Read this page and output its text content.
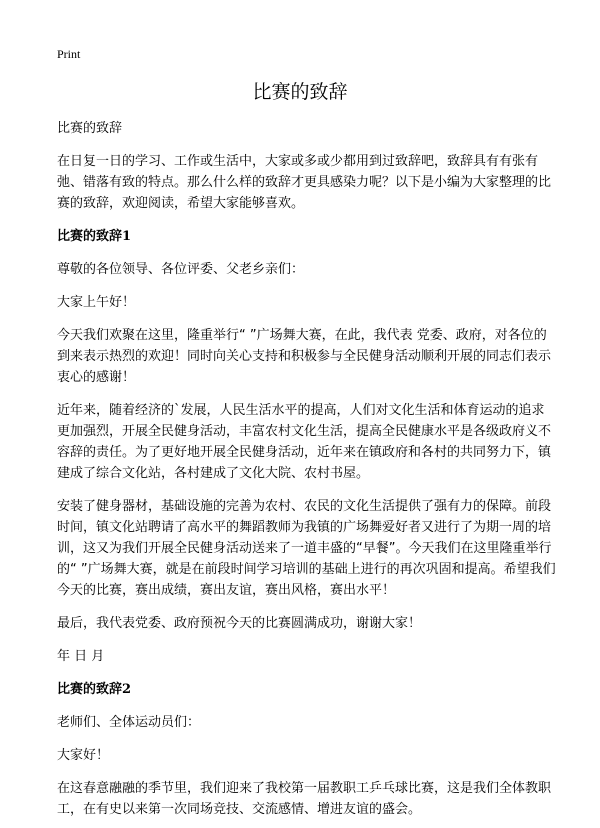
Print
比赛的致辞

比赛的致辞

在日复一日的学习、工作或生活中，大家或多或少都用到过致辞吧，致辞具有有张有弛、错落有致的特点。那么什么样的致辞才更具感染力呢？以下是小编为大家整理的比赛的致辞，欢迎阅读，希望大家能够喜欢。

比赛的致辞1

尊敬的各位领导、各位评委、父老乡亲们：

大家上午好！

今天我们欢聚在这里，隆重举行“ ”广场舞大赛，在此，我代表 党委、政府，对各位的到来表示热烈的欢迎！同时向关心支持和积极参与全民健身活动顺利开展的同志们表示衷心的感谢！

近年来，随着经济的`发展，人民生活水平的提高，人们对文化生活和体育运动的追求更加强烈，开展全民健身活动，丰富农村文化生活，提高全民健康水平是各级政府义不容辞的责任。为了更好地开展全民健身活动，近年来在镇政府和各村的共同努力下，镇建成了综合文化站，各村建成了文化大院、农村书屋。

安装了健身器材，基础设施的完善为农村、农民的文化生活提供了强有力的保障。前段时间，镇文化站聘请了高水平的舞蹈教师为我镇的广场舞爱好者又进行了为期一周的培训，这又为我们开展全民健身活动送来了一道丰盛的“早餐”。今天我们在这里隆重举行的“ ”广场舞大赛，就是在前段时间学习培训的基础上进行的再次巩固和提高。希望我们今天的比赛，赛出成绩，赛出友谊，赛出风格，赛出水平！

最后，我代表党委、政府预祝今天的比赛圆满成功，谢谢大家！

年 日 月

比赛的致辞2

老师们、全体运动员们：

大家好！

在这春意融融的季节里，我们迎来了我校第一届教职工乒乓球比赛，这是我们全体教职工，在有史以来第一次同场竞技、交流感情、增进友谊的盛会。
